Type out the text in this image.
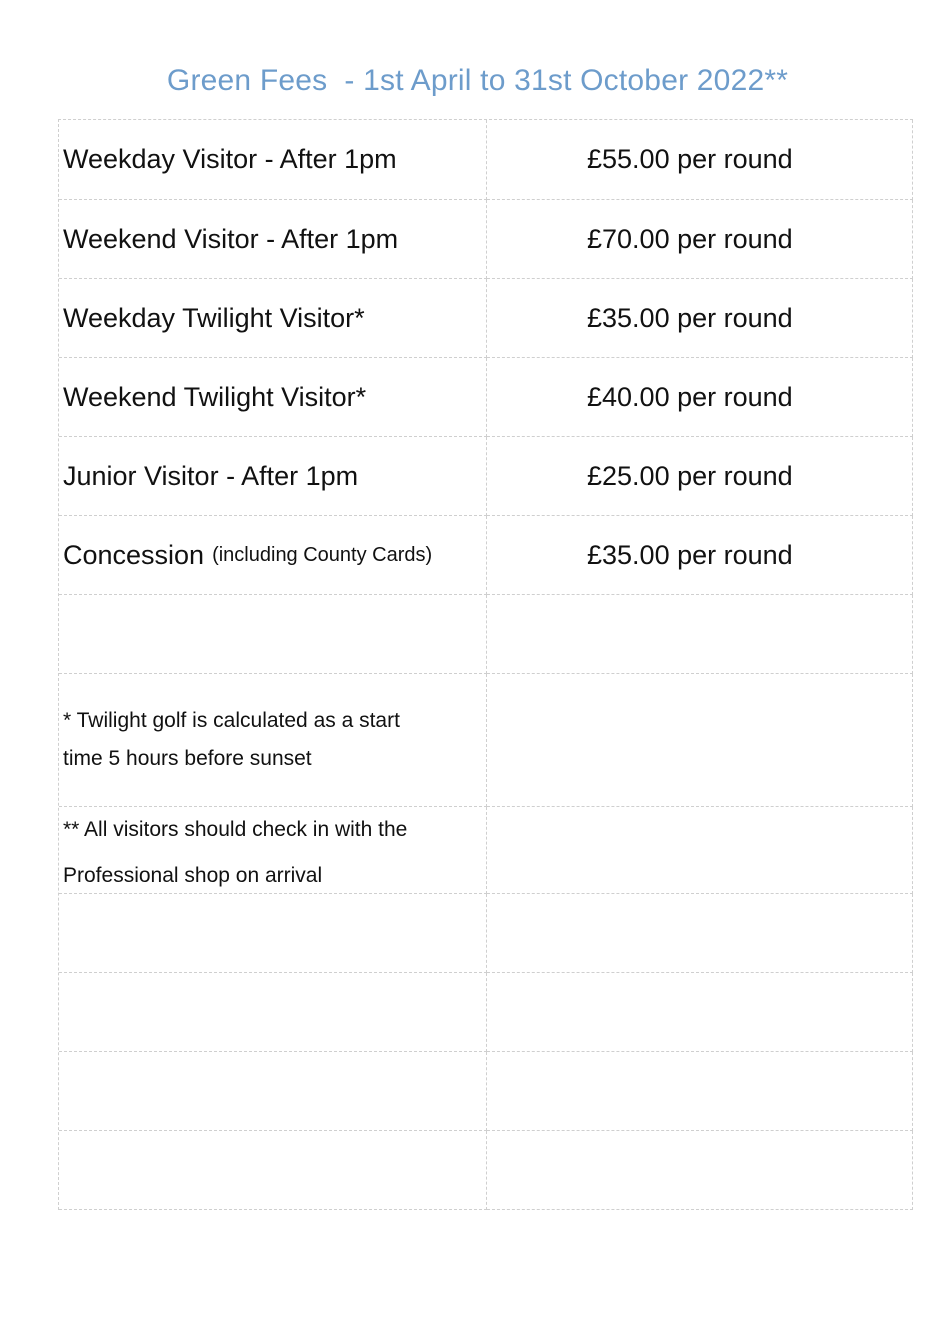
Green Fees  - 1st April to 31st October 2022**
Weekday Visitor - After 1pm	£55.00 per round
Weekend Visitor - After 1pm	£70.00 per round
Weekday Twilight Visitor*	£35.00 per round
Weekend Twilight Visitor*	£40.00 per round
Junior Visitor - After 1pm	£25.00 per round
Concession (including County Cards)	£35.00 per round
* Twilight golf is calculated as a start
time 5 hours before sunset
** All visitors should check in with the
Professional shop on arrival
